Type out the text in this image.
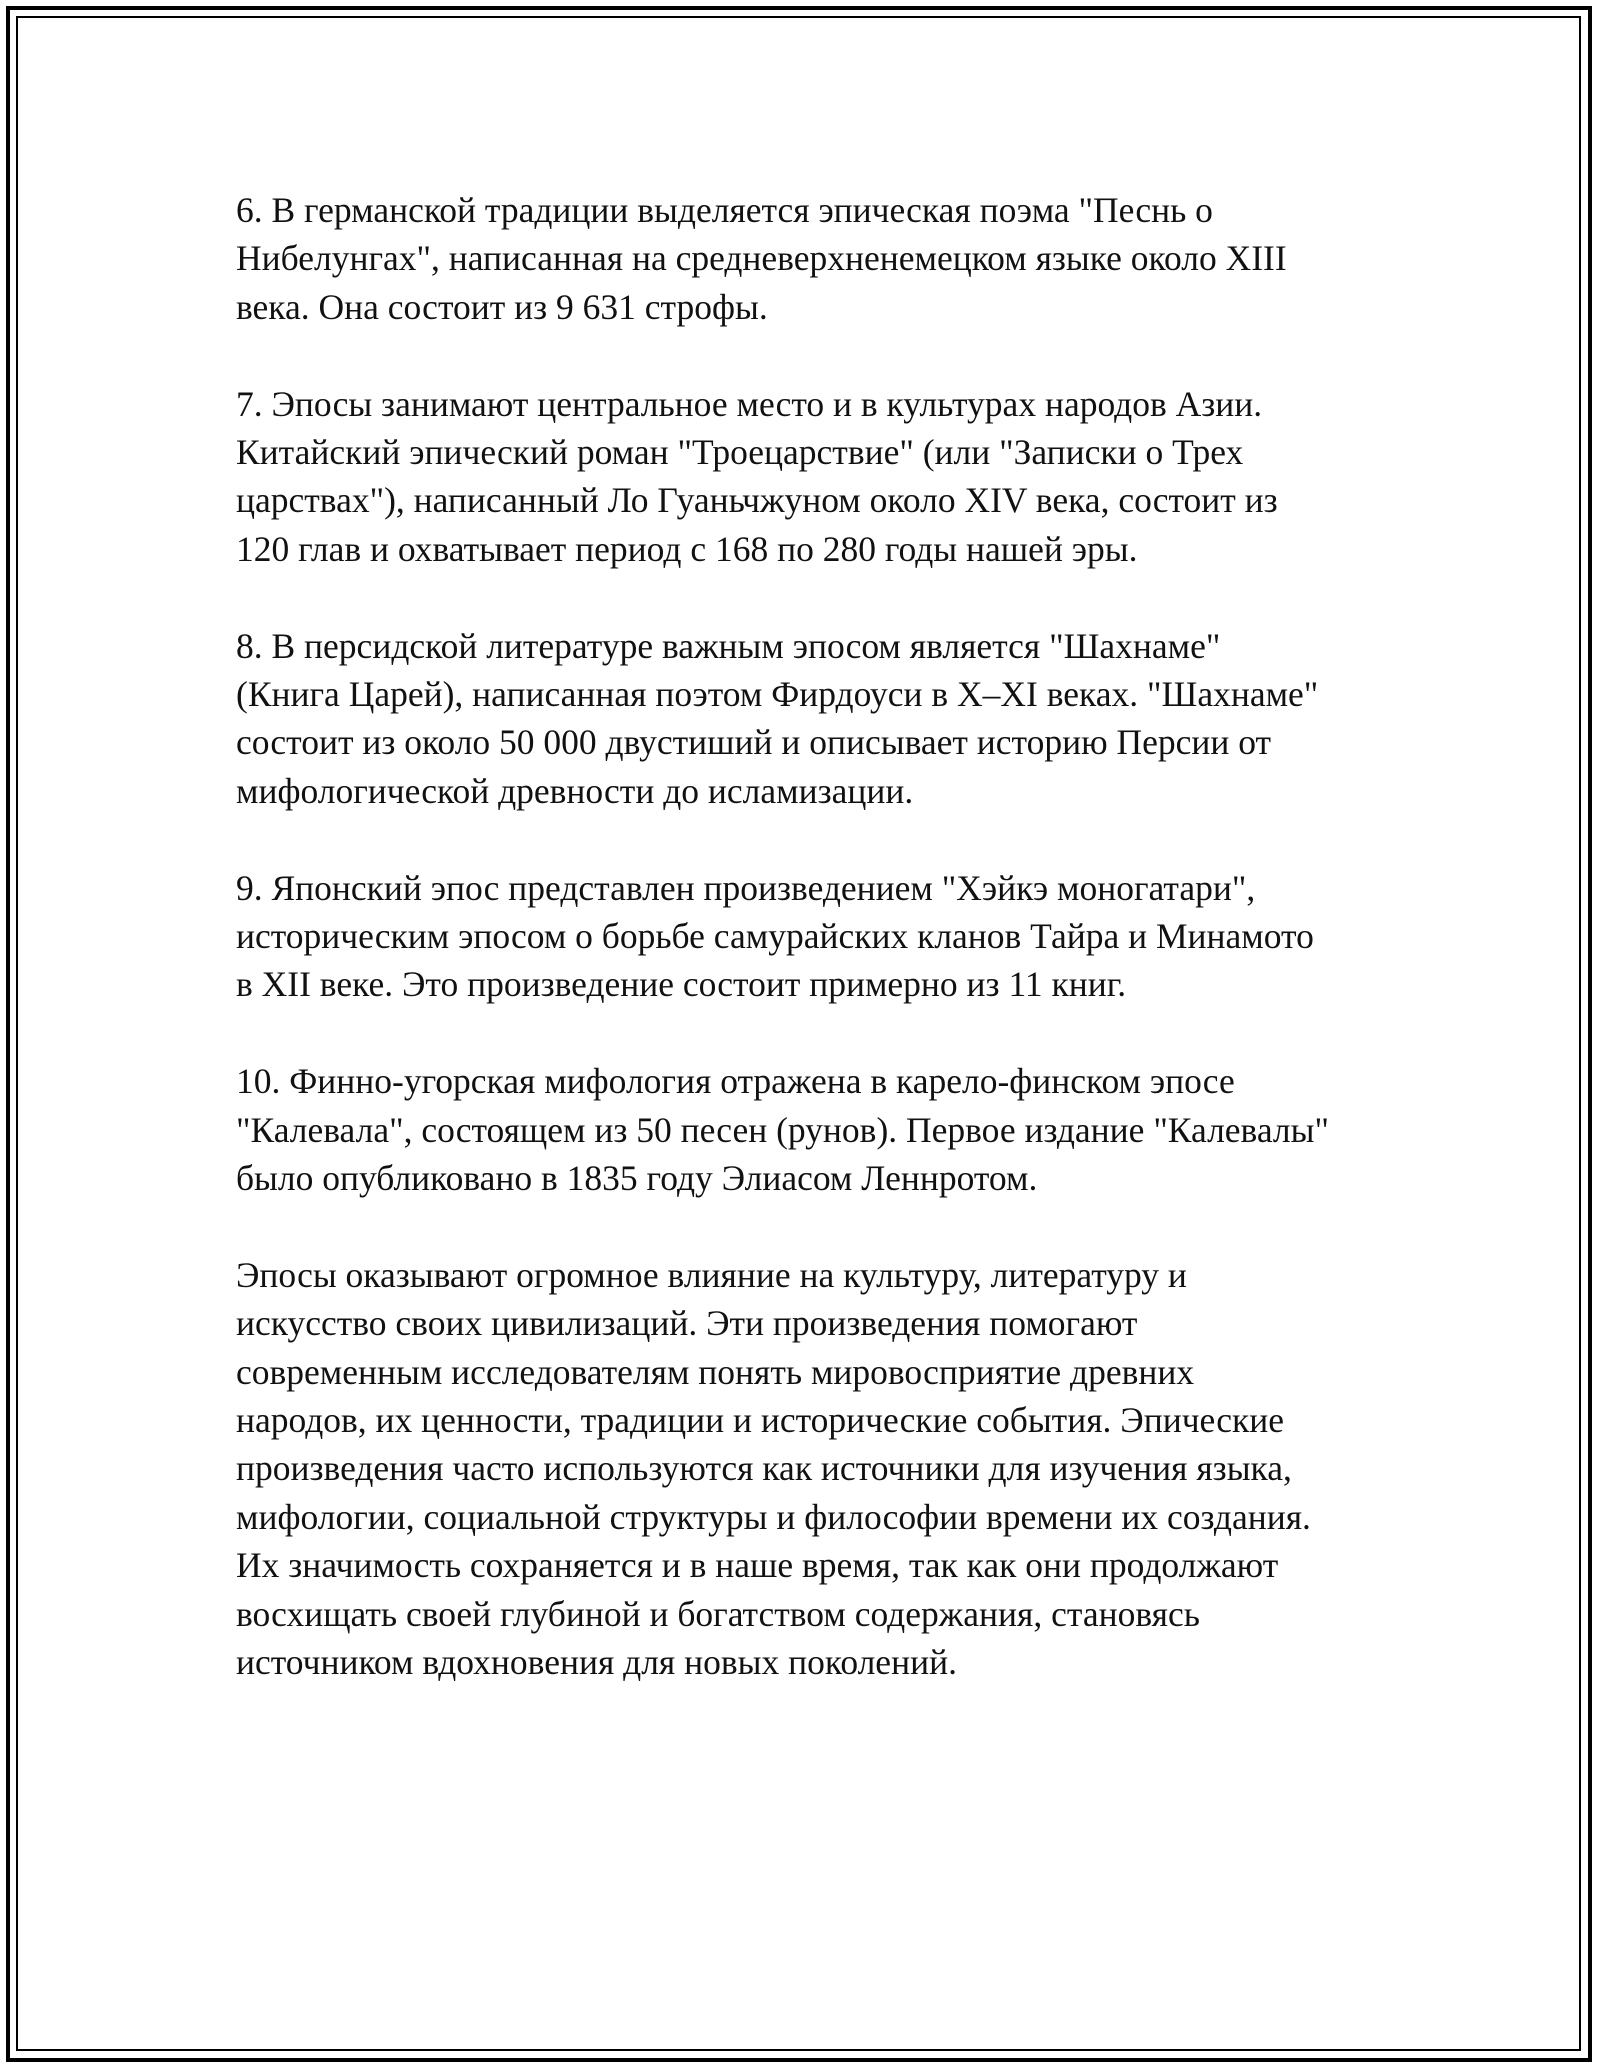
6. В германской традиции выделяется эпическая поэма "Песнь о
Нибелунгах", написанная на средневерхненемецком языке около XIII
века. Она состоит из 9 631 строфы.

7. Эпосы занимают центральное место и в культурах народов Азии.
Китайский эпический роман "Троецарствие" (или "Записки о Трех
царствах"), написанный Ло Гуаньчжуном около XIV века, состоит из
120 глав и охватывает период с 168 по 280 годы нашей эры.

8. В персидской литературе важным эпосом является "Шахнаме"
(Книга Царей), написанная поэтом Фирдоуси в X–XI веках. "Шахнаме"
состоит из около 50 000 двустиший и описывает историю Персии от
мифологической древности до исламизации.

9. Японский эпос представлен произведением "Хэйкэ моногатари",
историческим эпосом о борьбе самурайских кланов Тайра и Минамото
в XII веке. Это произведение состоит примерно из 11 книг.

10. Финно-угорская мифология отражена в карело-финском эпосе
"Калевала", состоящем из 50 песен (рунов). Первое издание "Калевалы"
было опубликовано в 1835 году Элиасом Леннротом.

Эпосы оказывают огромное влияние на культуру, литературу и
искусство своих цивилизаций. Эти произведения помогают
современным исследователям понять мировосприятие древних
народов, их ценности, традиции и исторические события. Эпические
произведения часто используются как источники для изучения языка,
мифологии, социальной структуры и философии времени их создания.
Их значимость сохраняется и в наше время, так как они продолжают
восхищать своей глубиной и богатством содержания, становясь
источником вдохновения для новых поколений.
